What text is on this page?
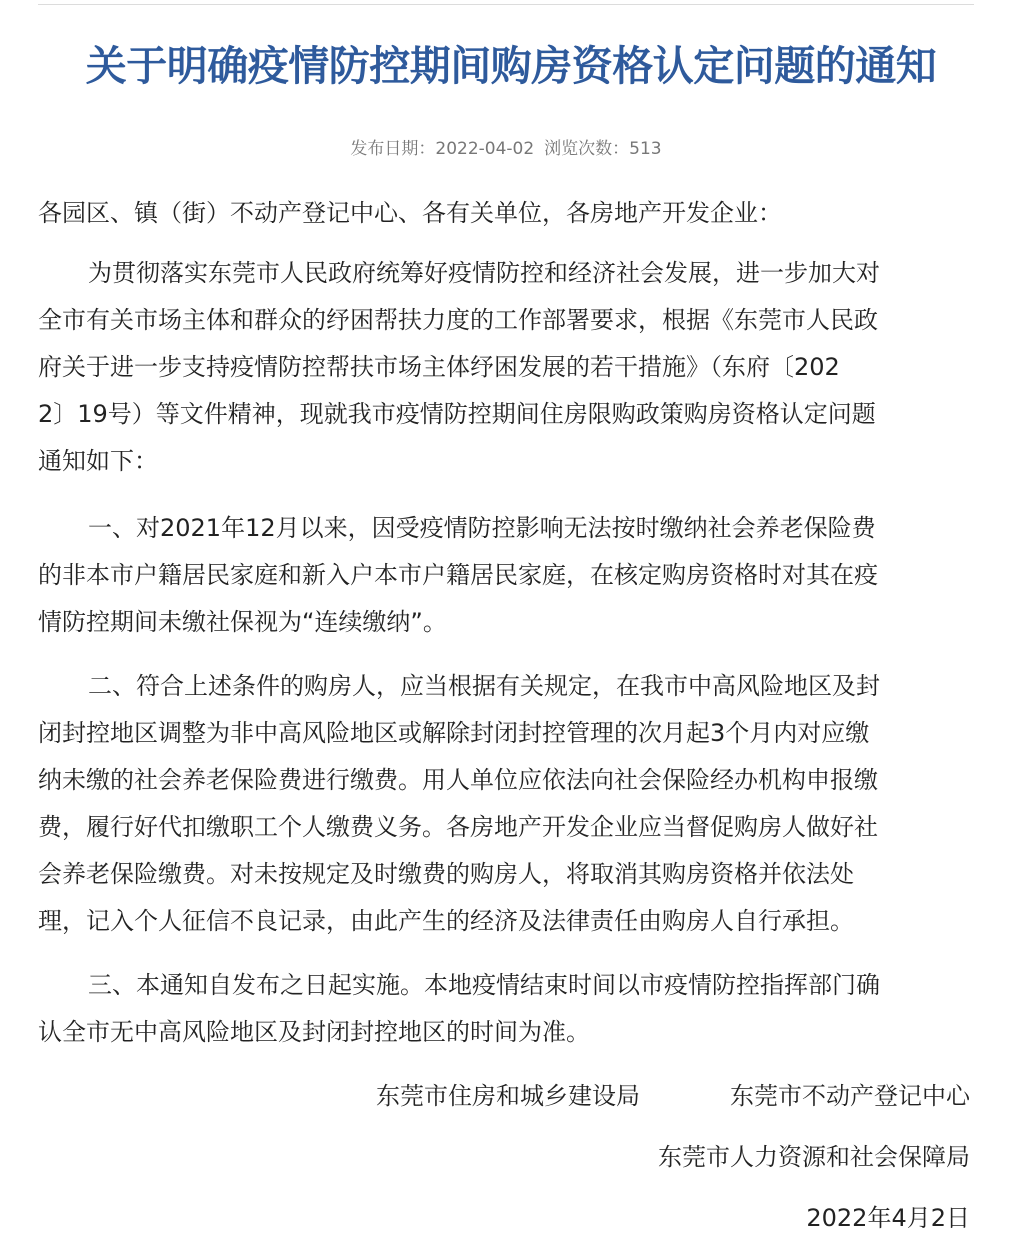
关于明确疫情防控期间购房资格认定问题的通知
发布日期：2022-04-02 浏览次数：513
各园区、镇（街）不动产登记中心、各有关单位，各房地产开发企业：
为贯彻落实东莞市人民政府统筹好疫情防控和经济社会发展，进一步加大对
全市有关市场主体和群众的纾困帮扶力度的工作部署要求，根据《东莞市人民政
府关于进一步支持疫情防控帮扶市场主体纾困发展的若干措施》（东府〔202
2〕19号）等文件精神，现就我市疫情防控期间住房限购政策购房资格认定问题
通知如下：
一、对2021年12月以来，因受疫情防控影响无法按时缴纳社会养老保险费
的非本市户籍居民家庭和新入户本市户籍居民家庭，在核定购房资格时对其在疫
情防控期间未缴社保视为“连续缴纳”。
二、符合上述条件的购房人，应当根据有关规定，在我市中高风险地区及封
闭封控地区调整为非中高风险地区或解除封闭封控管理的次月起3个月内对应缴
纳未缴的社会养老保险费进行缴费。用人单位应依法向社会保险经办机构申报缴
费，履行好代扣缴职工个人缴费义务。各房地产开发企业应当督促购房人做好社
会养老保险缴费。对未按规定及时缴费的购房人，将取消其购房资格并依法处
理，记入个人征信不良记录，由此产生的经济及法律责任由购房人自行承担。
三、本通知自发布之日起实施。本地疫情结束时间以市疫情防控指挥部门确
认全市无中高风险地区及封闭封控地区的时间为准。
东莞市住房和城乡建设局	东莞市不动产登记中心
东莞市人力资源和社会保障局
2022年4月2日
